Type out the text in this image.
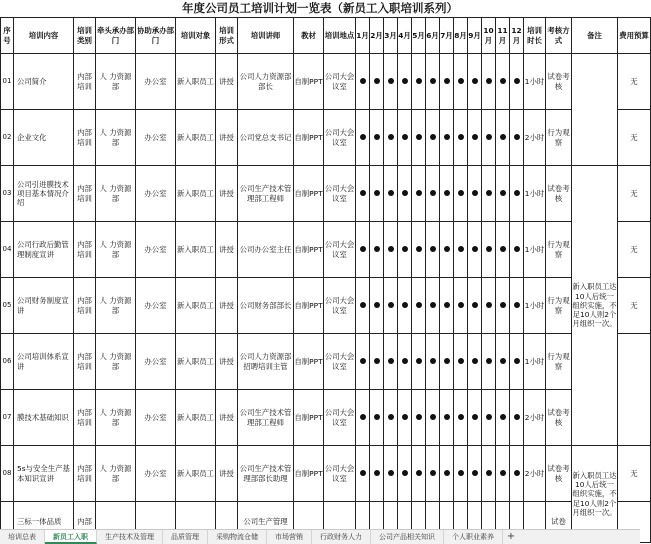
年度公司员工培训计划一览表（新员工入职培训系列）
序号	培训内容	培训类别	牵头承办部门	协助承办部门	培训对象	培训形式	培训讲师	教材	培训地点	1月	2月	3月	4月	5月	6月	7月	8月	9月	10月	11月	12月	培训时长	考核方式	备注	费用预算	
01	公司简介	内部培训	人 力资源部	办公室	新入职员工	讲授	公司人力资源部部长	自制PPT	公司大会议室													1小时	试卷考核		无	
02	企业文化	内部培训	人 力资源部	办公室	新入职员工	讲授	公司党总支书记	自制PPT	公司大会议室													2小时	行为观察		无	
03	公司引进膜技术项目基本情况介绍	内部培训	人 力资源部	办公室	新入职员工	讲授	公司生产技术管理部工程师	自制PPT	公司大会议室													1小时	试卷考核	新入职员工达10人后统一组织实施，不足10人则2个月组织一次。	无	
04	公司行政后勤管理制度宣讲	内部培训	人 力资源部	办公室	新入职员工	讲授	公司办公室主任	自制PPT	公司大会议室													1小时	行为观察		无	
05	公司财务制度宣讲	内部培训	人 力资源部	办公室	新入职员工	讲授	公司财务部部长	自制PPT	公司大会议室													1小时	行为观察		无	
06	公司培训体系宣讲	内部培训	人 力资源部	办公室	新入职员工	讲授	公司人力资源部招聘培训主管	自制PPT	公司大会议室													1小时	行为观察		
07	膜技术基础知识	内部培训	人 力资源部	办公室	新入职员工	讲授	公司生产技术管理部工程师	自制PPT	公司大会议室													2小时	试卷考核	
08	5s与安全生产基本知识宣讲	内部培训	人 力资源部	办公室	新入职员工	讲授	公司生产技术管理部部长助理	自制PPT	公司大会议室													2小时	试卷考核	新入职员工达10人后统一组织实施，不足10人则2个月组织一次。	无	
	三标一体品质	内部					公司生产管理																试卷			
培训总表	新员工入职	生产技术及管理	品质管理	采购物流仓储	市场营销	行政财务人力	公司产品相关知识	个人职业素养	+
